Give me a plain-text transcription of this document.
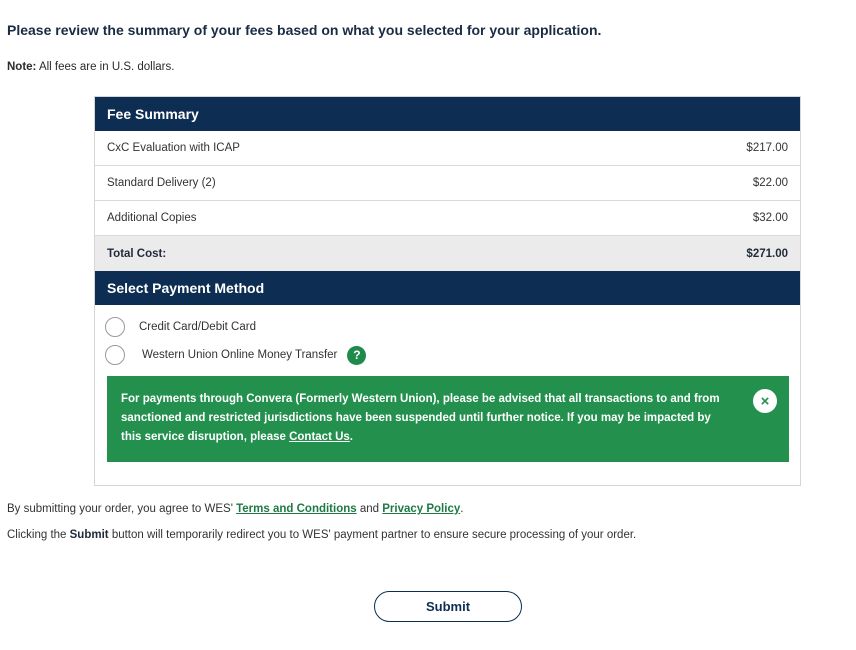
Please review the summary of your fees based on what you selected for your application.

Note: All fees are in U.S. dollars.
Fee Summary
CxC Evaluation with ICAP	$217.00
Standard Delivery (2)	$22.00
Additional Copies	$32.00
Total Cost:	$271.00
Select Payment Method
Credit Card/Debit Card
Western Union Online Money Transfer	?
For payments through Convera (Formerly Western Union), please be advised that all transactions to and from sanctioned and restricted jurisdictions have been suspended until further notice. If you may be impacted by this service disruption, please Contact Us.
×
By submitting your order, you agree to WES' Terms and Conditions and Privacy Policy.
Clicking the Submit button will temporarily redirect you to WES' payment partner to ensure secure processing of your order.
Submit
